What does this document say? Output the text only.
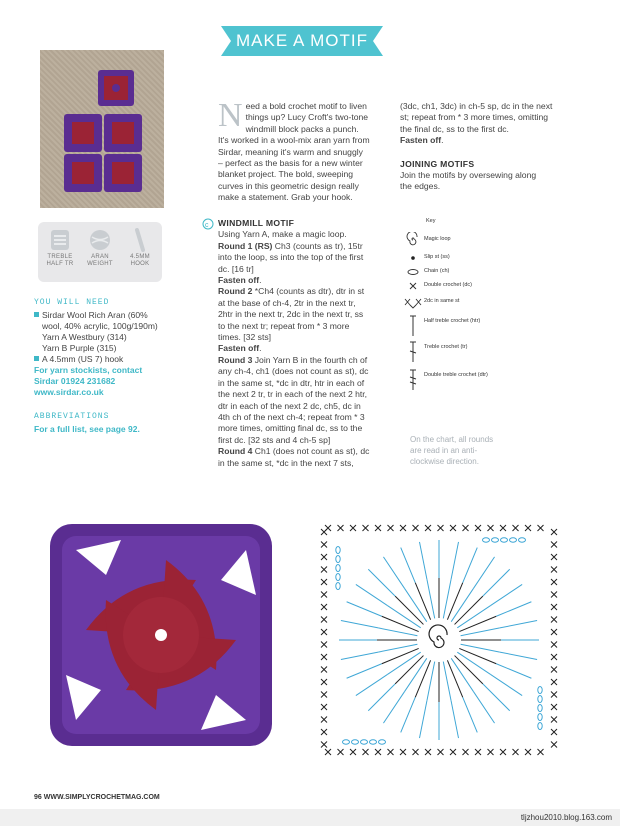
MAKE A MOTIF
TREBLE
HALF TR
ARAN
WEIGHT
4.5MM
HOOK
YOU WILL NEED
Sirdar Wool Rich Aran (60%
wool, 40% acrylic, 100g/190m)
Yarn A Westbury (314)
Yarn B Purple (315)
A 4.5mm (US 7) hook
For yarn stockists, contact
Sirdar 01924 231682
www.sirdar.co.uk
ABBREVIATIONS
For a full list, see page 92.
N eed a bold crochet motif to liven
things up? Lucy Croft's two-tone
windmill block packs a punch.
It's worked in a wool-mix aran yarn from
Sirdar, meaning it's warm and snuggly
– perfect as the basis for a new winter
blanket project. The bold, sweeping
curves in this geometric design really
make a statement. Grab your hook.
c WINDMILL MOTIF
Using Yarn A, make a magic loop.
Round 1 (RS) Ch3 (counts as tr), 15tr
into the loop, ss into the top of the first
dc. [16 tr]
Fasten off.
Round 2 *Ch4 (counts as dtr), dtr in st
at the base of ch-4, 2tr in the next tr,
2htr in the next tr, 2dc in the next tr, ss
to the next tr; repeat from * 3 more
times. [32 sts]
Fasten off.
Round 3 Join Yarn B in the fourth ch of
any ch-4, ch1 (does not count as st), dc
in the same st, *dc in dtr, htr in each of
the next 2 tr, tr in each of the next 2 htr,
dtr in each of the next 2 dc, ch5, dc in
4th ch of the next ch-4; repeat from * 3
more times, omitting final dc, ss to the
first dc. [32 sts and 4 ch-5 sp]
Round 4 Ch1 (does not count as st), dc
in the same st, *dc in the next 7 sts,
(3dc, ch1, 3dc) in ch-5 sp, dc in the next
st; repeat from * 3 more times, omitting
the final dc, ss to the first dc.
Fasten off.
JOINING MOTIFS
Join the motifs by oversewing along
the edges.
Key
Magic loop
Slip st (ss)
Chain (ch)
Double crochet (dc)
2dc in same st
Half treble crochet (htr)
Treble crochet (tr)
Double treble crochet (dtr)
On the chart, all rounds
are read in an anti-
clockwise direction.
96 WWW.SIMPLYCROCHETMAG.COM
tljzhou2010.blog.163.com
